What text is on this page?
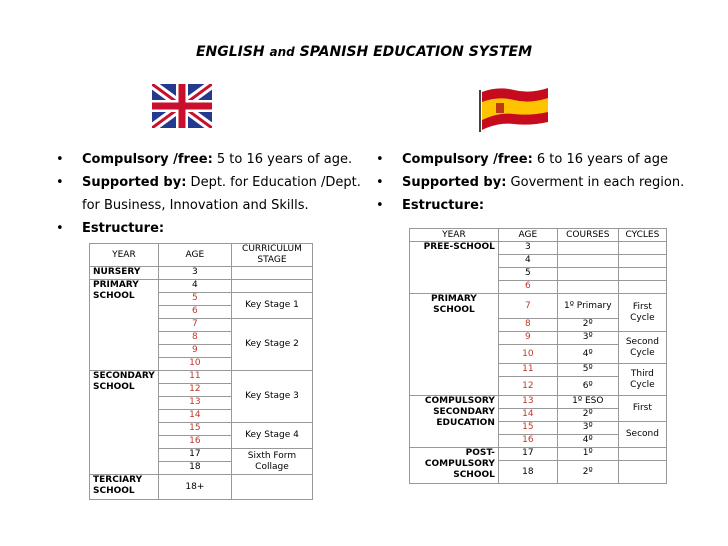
ENGLISH and SPANISH EDUCATION SYSTEM
• Compulsory /free: 5 to 16 years of age.
• Supported by: Dept. for Education /Dept. for Business, Innovation and Skills.
• Estructure:
• Compulsory /free: 6 to 16 years of age
• Supported by: Goverment in each region.
• Estructure:
YEAR	AGE	CURRICULUM STAGE
NURSERY	3	
PRIMARY SCHOOL	4	
	5	Key Stage 1
	6	
	7	Key Stage 2
	8	
	9	
	10	
SECONDARY SCHOOL	11	Key Stage 3
	12	
	13	
	14	
	15	Key Stage 4
	16	
	17	Sixth Form Collage
	18	
TERCIARY SCHOOL	18+	
YEAR	AGE	COURSES	CYCLES
PREE-SCHOOL	3		
	4		
	5		
	6		
PRIMARY SCHOOL	7	1º Primary	First Cycle
	8	2º	
	9	3º	Second Cycle
	10	4º	
	11	5º	Third Cycle
	12	6º	
COMPULSORY SECONDARY EDUCATION	13	1º ESO	First
	14	2º	
	15	3º	Second
	16	4º	
POST-COMPULSORY SCHOOL	17	1º	
	18	2º	
